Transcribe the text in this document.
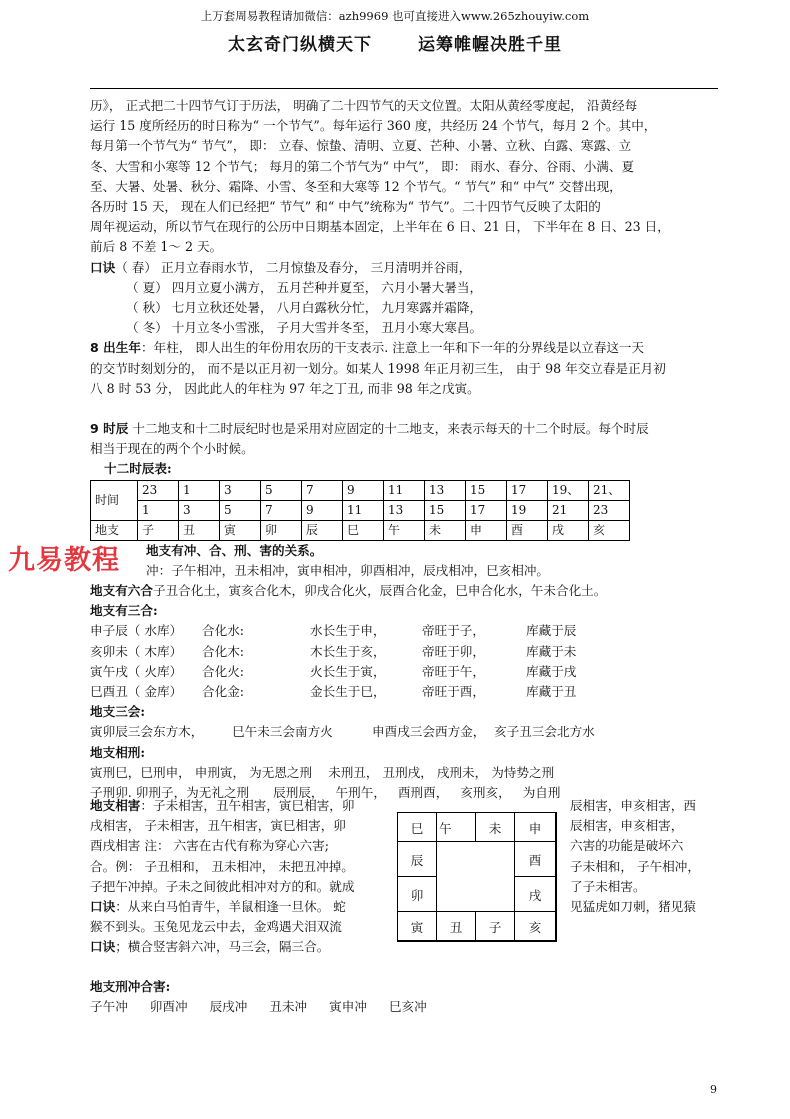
上万套周易教程请加微信：azh9969 也可直接进入www.265zhouyiw.com
太玄奇门纵横天下	运筹帷幄决胜千里

历》， 正式把二十四节气订于历法， 明确了二十四节气的天文位置。太阳从黄经零度起， 沿黄经每

运行 15 度所经历的时日称为“ 一个节气”。每年运行 360 度，共经历 24 个节气，每月 2 个。其中，

每月第一个节气为“ 节气”， 即： 立春、惊蛰、清明、立夏、芒种、小暑、立秋、白露、寒露、立

冬、大雪和小寒等 12 个节气； 每月的第二个节气为“ 中气”， 即： 雨水、春分、谷雨、小满、夏

至、大暑、处暑、秋分、霜降、小雪、冬至和大寒等 12 个节气。“ 节气” 和“ 中气” 交替出现，

各历时 15 天， 现在人们已经把“ 节气” 和“ 中气”统称为“ 节气”。二十四节气反映了太阳的

周年视运动，所以节气在现行的公历中日期基本固定，上半年在 6 日、21 日， 下半年在 8 日、23 日，

前后 8 不差 1～ 2 天。

口诀（ 春） 正月立春雨水节， 二月惊蛰及春分， 三月清明并谷雨，

（ 夏） 四月立夏小满方， 五月芒种并夏至， 六月小暑大暑当，

（ 秋） 七月立秋还处暑， 八月白露秋分忙， 九月寒露并霜降，

（ 冬） 十月立冬小雪涨， 子月大雪并冬至， 丑月小寒大寒昌。

8 出生年：年柱， 即人出生的年份用农历的干支表示. 注意上一年和下一年的分界线是以立春这一天

的交节时刻划分的， 而不是以正月初一划分。如某人 1998 年正月初三生， 由于 98 年交立春是正月初

八 8 时 53 分， 因此此人的年柱为 97 年之丁丑, 而非 98 年之戊寅。

9 时辰 十二地支和十二时辰纪时也是采用对应固定的十二地支，来表示每天的十二个时辰。每个时辰

相当于现在的两个个小时候。

十二时辰表:

时间	23	1	3	5	7	9	11	13	15	17	19、	21、
	1	3	5	7	9	11	13	15	17	19	21	23
地支	子	丑	寅	卯	辰	巳	午	未	申	酉	戌	亥

地支有冲、合、刑、害的关系。

冲：子午相冲，丑未相冲，寅申相冲，卯酉相冲，辰戌相冲，巳亥相冲。

地支有六合子丑合化土，寅亥合化木，卯戌合化火，辰酉合化金，巳申合化水，午未合化土。

地支有三合:

申子辰（ 水库） 合化水:	水长生于申，	帝旺于子，	库藏于辰

亥卯未（ 木库） 合化木:	木长生于亥，	帝旺于卯，	库藏于未

寅午戌（ 火库） 合化火:	火长生于寅，	帝旺于午，	库藏于戌

巳酉丑（ 金库） 合化金:	金长生于巳，	帝旺于酉，	库藏于丑

地支三会:

寅卯辰三会东方木， 巳午未三会南方火	申酉戌三会西方金， 亥子丑三会北方水

地支相刑:

寅刑巳，巳刑申， 申刑寅， 为无恩之刑    未刑丑， 丑刑戌， 戌刑未， 为恃势之刑

子刑卯. 卯刑子，为无礼之刑      辰刑辰，   午刑午，   酉刑酉，   亥刑亥，   为自刑

九易教程

地支相害：子未相害，丑午相害，寅巳相害，卯

戌相害， 子未相害，丑午相害，寅巳相害，卯

酉戌相害 注： 六害在古代有称为穿心六害;

合。例： 子丑相和， 丑未相冲， 未把丑冲掉。

子把午冲掉。子未之间彼此相冲对方的和。就成

口诀：从来白马怕青牛，羊鼠相逢一旦休。 蛇

猴不到头。玉兔见龙云中去，金鸡遇犬泪双流

口诀；横合竖害斜六冲，马三会，隔三合。

辰相害，申亥相害，西

辰相害，申亥相害，

六害的功能是破坏六

子未相和， 子午相冲，

了子未相害。

见猛虎如刀刺，猪见猿

巳	午	未	申
辰	酉
卯	戌
寅	丑	子	亥

地支刑冲合害:

子午冲 卯酉冲 辰戌冲 丑未冲 寅申冲 巳亥冲

9
